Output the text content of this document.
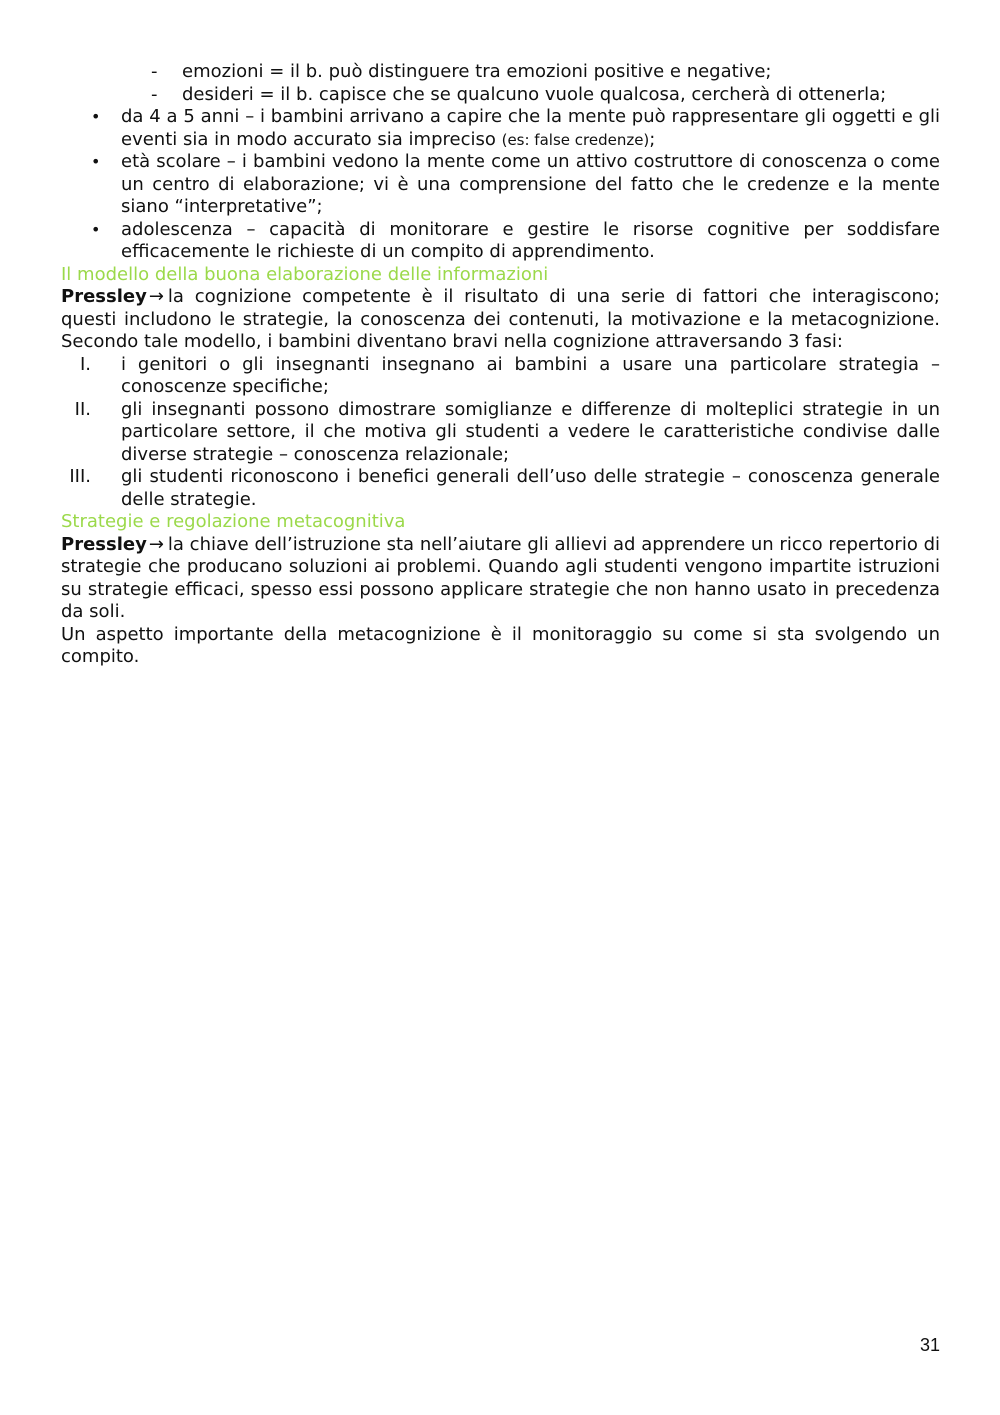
- emozioni = il b. può distinguere tra emozioni positive e negative;
- desideri = il b. capisce che se qualcuno vuole qualcosa, cercherà di ottenerla;
• da 4 a 5 anni – i bambini arrivano a capire che la mente può rappresentare gli oggetti e gli eventi sia in modo accurato sia impreciso (es: false credenze);
• età scolare – i bambini vedono la mente come un attivo costruttore di conoscenza o come un centro di elaborazione; vi è una comprensione del fatto che le credenze e la mente siano “interpretative”;
• adolescenza – capacità di monitorare e gestire le risorse cognitive per soddisfare efficacemente le richieste di un compito di apprendimento.
Il modello della buona elaborazione delle informazioni
Pressley → la cognizione competente è il risultato di una serie di fattori che interagiscono; questi includono le strategie, la conoscenza dei contenuti, la motivazione e la metacognizione. Secondo tale modello, i bambini diventano bravi nella cognizione attraversando 3 fasi:
I. i genitori o gli insegnanti insegnano ai bambini a usare una particolare strategia – conoscenze specifiche;
II. gli insegnanti possono dimostrare somiglianze e differenze di molteplici strategie in un particolare settore, il che motiva gli studenti a vedere le caratteristiche condivise dalle diverse strategie – conoscenza relazionale;
III. gli studenti riconoscono i benefici generali dell’uso delle strategie – conoscenza generale delle strategie.
Strategie e regolazione metacognitiva
Pressley → la chiave dell’istruzione sta nell’aiutare gli allievi ad apprendere un ricco repertorio di strategie che producano soluzioni ai problemi. Quando agli studenti vengono impartite istruzioni su strategie efficaci, spesso essi possono applicare strategie che non hanno usato in precedenza da soli.
Un aspetto importante della metacognizione è il monitoraggio su come si sta svolgendo un compito.
31
